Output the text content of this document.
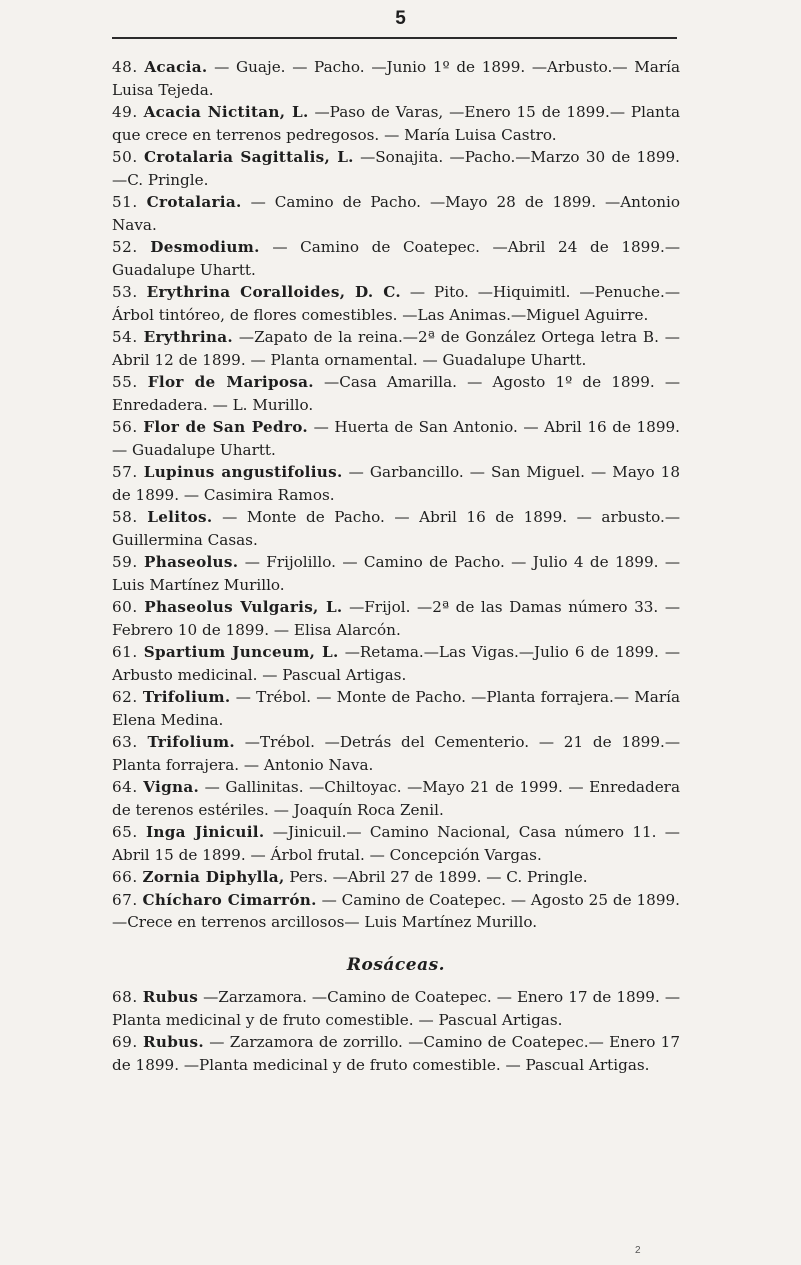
5

48. Acacia. — Guaje. — Pacho. —Junio 1º de 1899. —Arbusto.— María Luisa Tejeda.

49. Acacia Nictitan, L. —Paso de Varas, —Enero 15 de 1899.— Planta que crece en terrenos pedregosos. — María Luisa Castro.

50. Crotalaria Sagittalis, L. —Sonajita. —Pacho.—Marzo 30 de 1899.—C. Pringle.

51. Crotalaria. — Camino de Pacho. —Mayo 28 de 1899. —Antonio Nava.

52. Desmodium. — Camino de Coatepec. —Abril 24 de 1899.— Guadalupe Uhartt.

53. Erythrina Coralloides, D. C. — Pito. —Hiquimitl. —Penuche.— Árbol tintóreo, de flores comestibles. —Las Animas.—Miguel Aguirre.

54. Erythrina. —Zapato de la reina.—2ª de González Ortega letra B. —Abril 12 de 1899. — Planta ornamental. — Guadalupe Uhartt.

55. Flor de Mariposa. —Casa Amarilla. — Agosto 1º de 1899. — Enredadera. — L. Murillo.

56. Flor de San Pedro. — Huerta de San Antonio. — Abril 16 de 1899. — Guadalupe Uhartt.

57. Lupinus angustifolius. — Garbancillo. — San Miguel. — Mayo 18 de 1899. — Casimira Ramos.

58. Lelitos. — Monte de Pacho. — Abril 16 de 1899. — arbusto.— Guillermina Casas.

59. Phaseolus. — Frijolillo. — Camino de Pacho. — Julio 4 de 1899. — Luis Martínez Murillo.

60. Phaseolus Vulgaris, L. —Frijol. —2ª de las Damas número 33. — Febrero 10 de 1899. — Elisa Alarcón.

61. Spartium Junceum, L. —Retama.—Las Vigas.—Julio 6 de 1899. —Arbusto medicinal. — Pascual Artigas.

62. Trifolium. — Trébol. — Monte de Pacho. —Planta forrajera.— María Elena Medina.

63. Trifolium. —Trébol. —Detrás del Cementerio. — 21 de 1899.— Planta forrajera. — Antonio Nava.

64. Vigna. — Gallinitas. —Chiltoyac. —Mayo 21 de 1999. — Enredadera de terenos estériles. — Joaquín Roca Zenil.

65. Inga Jinicuil. —Jinicuil.— Camino Nacional, Casa número 11. — Abril 15 de 1899. — Árbol frutal. — Concepción Vargas.

66. Zornia Diphylla, Pers. —Abril 27 de 1899. — C. Pringle.

67. Chícharo Cimarrón. — Camino de Coatepec. — Agosto 25 de 1899. —Crece en terrenos arcillosos— Luis Martínez Murillo.

Rosáceas.

68. Rubus —Zarzamora. —Camino de Coatepec. — Enero 17 de 1899. — Planta medicinal y de fruto comestible. — Pascual Artigas.

69. Rubus. — Zarzamora de zorrillo. —Camino de Coatepec.— Enero 17 de 1899. —Planta medicinal y de fruto comestible. — Pascual Artigas.

2
